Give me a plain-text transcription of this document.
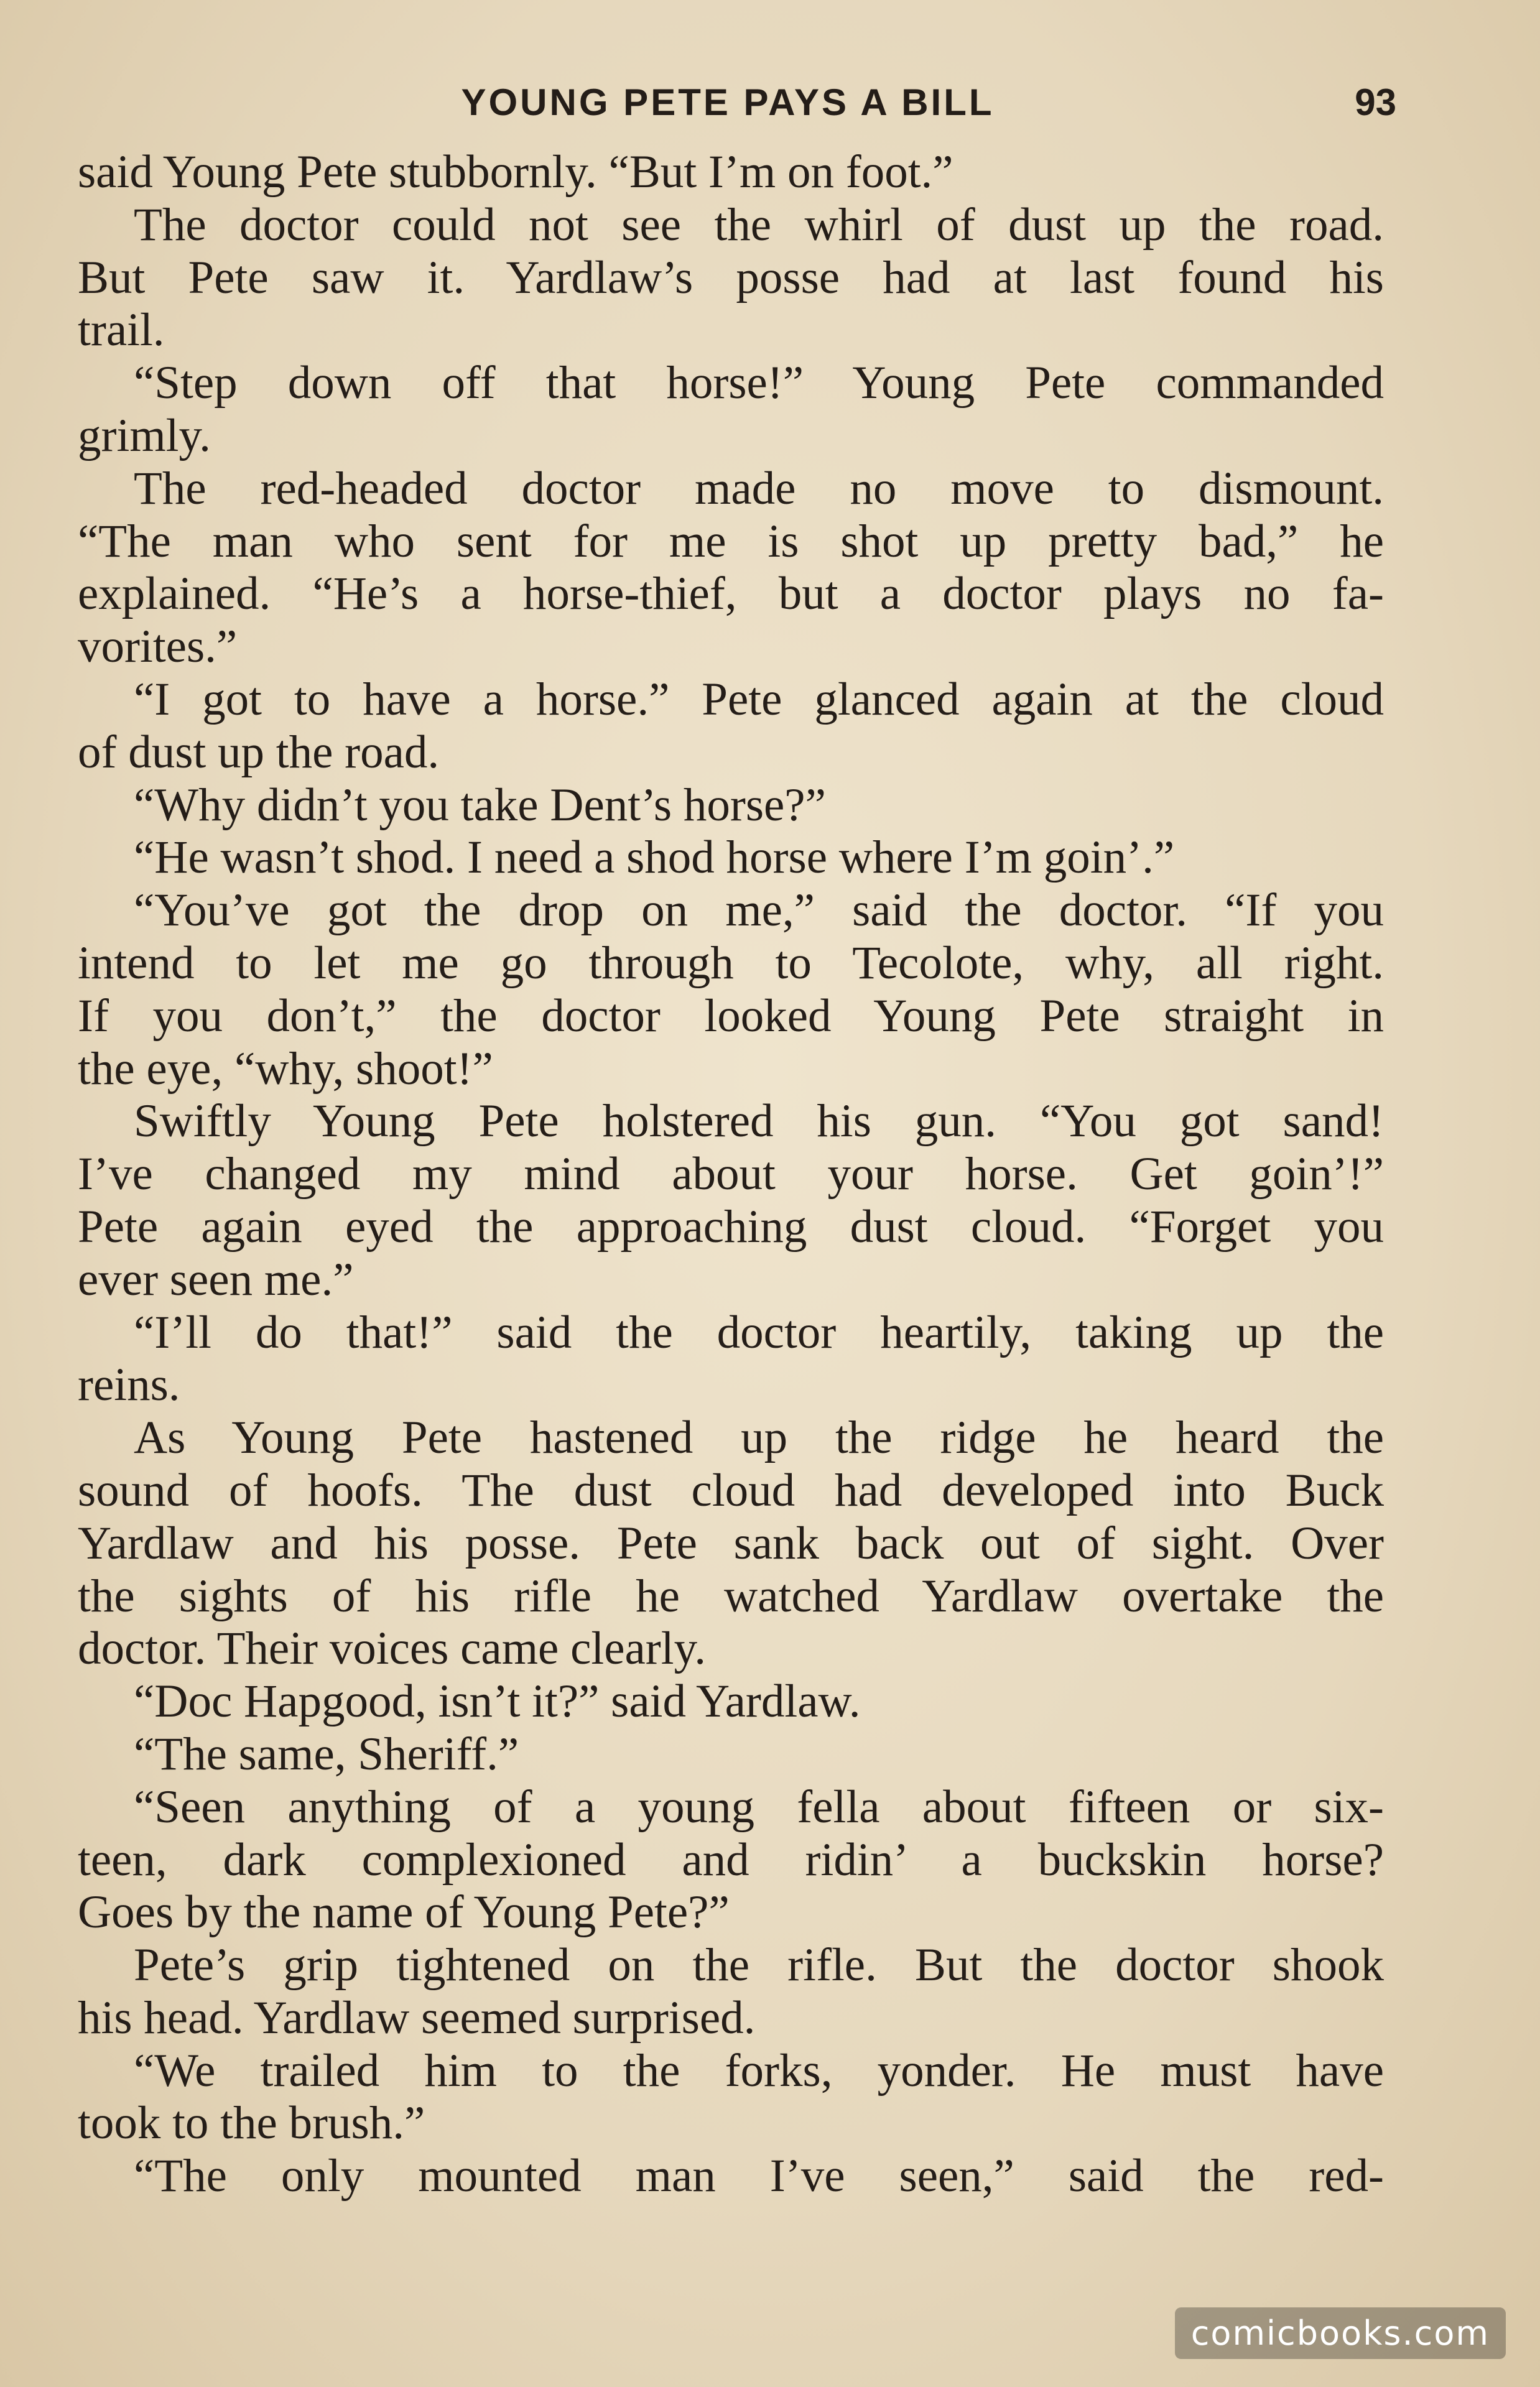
YOUNG PETE PAYS A BILL	93
said Young Pete stubbornly. “But I’m on foot.”
The doctor could not see the whirl of dust up the road.
But Pete saw it. Yardlaw’s posse had at last found his
trail.
“Step down off that horse!” Young Pete commanded
grimly.
The red-headed doctor made no move to dismount.
“The man who sent for me is shot up pretty bad,” he
explained. “He’s a horse-thief, but a doctor plays no fa-
vorites.”
“I got to have a horse.” Pete glanced again at the cloud
of dust up the road.
“Why didn’t you take Dent’s horse?”
“He wasn’t shod. I need a shod horse where I’m goin’.”
“You’ve got the drop on me,” said the doctor. “If you
intend to let me go through to Tecolote, why, all right.
If you don’t,” the doctor looked Young Pete straight in
the eye, “why, shoot!”
Swiftly Young Pete holstered his gun. “You got sand!
I’ve changed my mind about your horse. Get goin’!”
Pete again eyed the approaching dust cloud. “Forget you
ever seen me.”
“I’ll do that!” said the doctor heartily, taking up the
reins.
As Young Pete hastened up the ridge he heard the
sound of hoofs. The dust cloud had developed into Buck
Yardlaw and his posse. Pete sank back out of sight. Over
the sights of his rifle he watched Yardlaw overtake the
doctor. Their voices came clearly.
“Doc Hapgood, isn’t it?” said Yardlaw.
“The same, Sheriff.”
“Seen anything of a young fella about fifteen or six-
teen, dark complexioned and ridin’ a buckskin horse?
Goes by the name of Young Pete?”
Pete’s grip tightened on the rifle. But the doctor shook
his head. Yardlaw seemed surprised.
“We trailed him to the forks, yonder. He must have
took to the brush.”
“The only mounted man I’ve seen,” said the red-
comicbooks.com
